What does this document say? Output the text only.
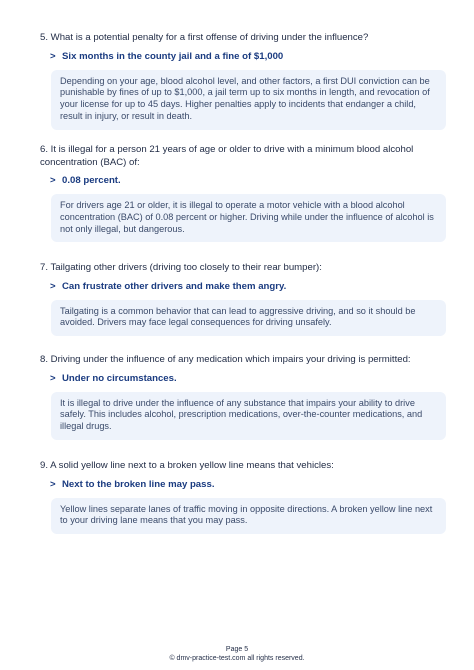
5. What is a potential penalty for a first offense of driving under the influence?

> Six months in the county jail and a fine of $1,000
Depending on your age, blood alcohol level, and other factors, a first DUI conviction can be punishable by fines of up to $1,000, a jail term up to six months in length, and revocation of your license for up to 45 days. Higher penalties apply to incidents that endanger a child, result in injury, or result in death.

6. It is illegal for a person 21 years of age or older to drive with a minimum blood alcohol concentration (BAC) of:

> 0.08 percent.
For drivers age 21 or older, it is illegal to operate a motor vehicle with a blood alcohol concentration (BAC) of 0.08 percent or higher. Driving while under the influence of alcohol is not only illegal, but dangerous.

7. Tailgating other drivers (driving too closely to their rear bumper):

> Can frustrate other drivers and make them angry.
Tailgating is a common behavior that can lead to aggressive driving, and so it should be avoided. Drivers may face legal consequences for driving unsafely.

8. Driving under the influence of any medication which impairs your driving is permitted:

> Under no circumstances.
It is illegal to drive under the influence of any substance that impairs your ability to drive safely. This includes alcohol, prescription medications, over-the-counter medications, and illegal drugs.

9. A solid yellow line next to a broken yellow line means that vehicles:

> Next to the broken line may pass.
Yellow lines separate lanes of traffic moving in opposite directions. A broken yellow line next to your driving lane means that you may pass.
Page 5
© dmv-practice-test.com all rights reserved.
